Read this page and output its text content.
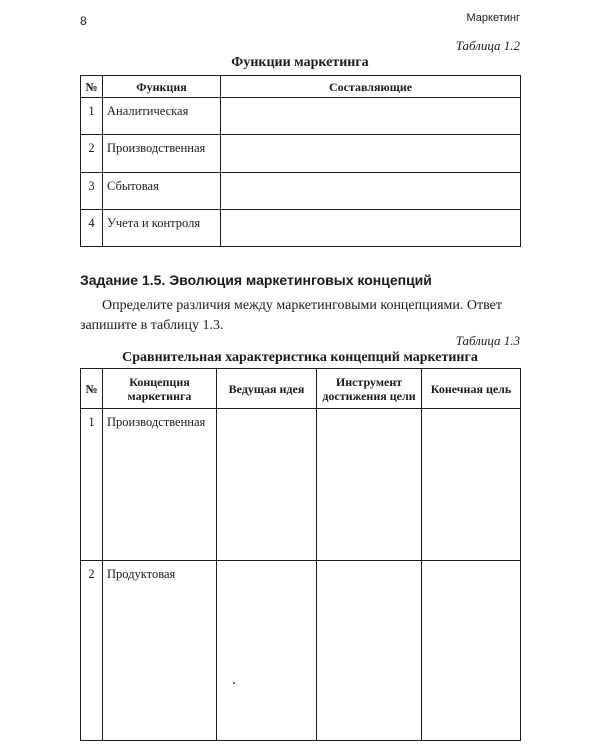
8	Маркетинг
Таблица 1.2
Функции маркетинга
№	Функция	Составляющие
1	Аналитическая	
2	Производственная	
3	Сбытовая	
4	Учета и контроля	
Задание 1.5. Эволюция маркетинговых концепций
Определите различия между маркетинговыми концепциями. Ответ запишите в таблицу 1.3.
Таблица 1.3
Сравнительная характеристика концепций маркетинга
№	Концепция маркетинга	Ведущая идея	Инструмент достижения цели	Конечная цель
1	Производственная			
2	Продуктовая			
